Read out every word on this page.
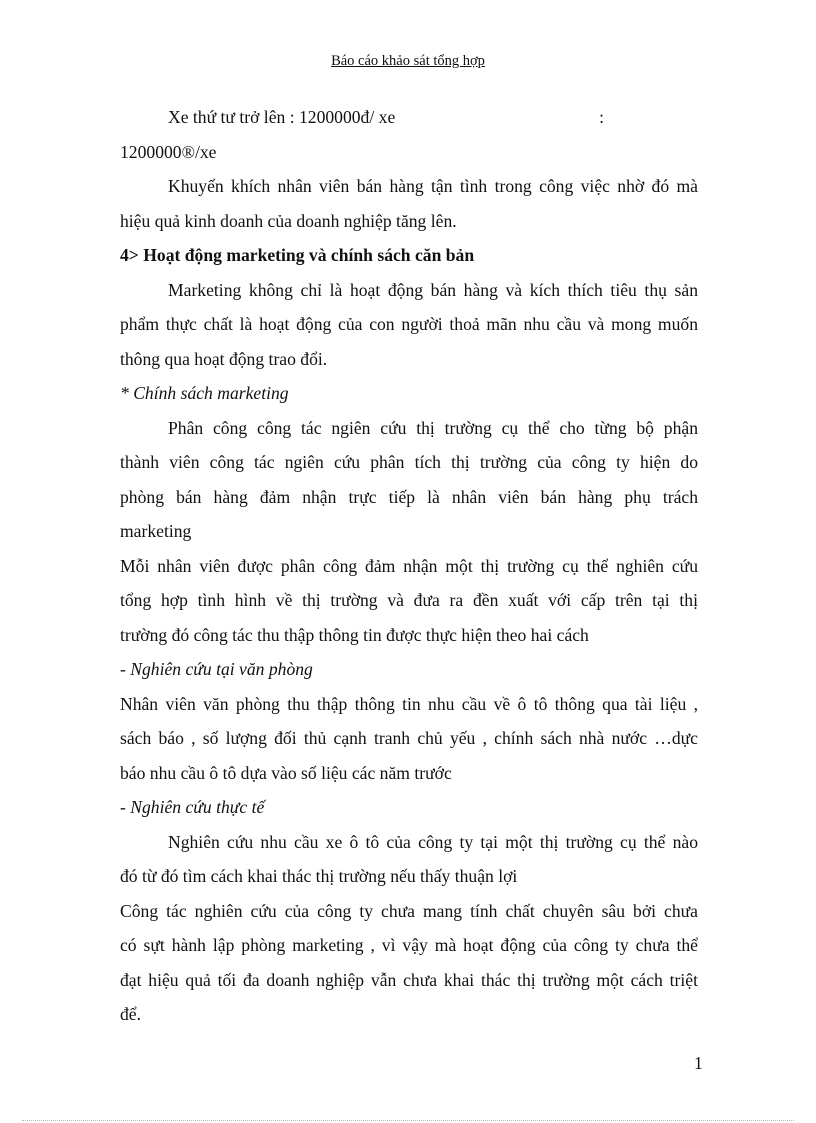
Báo cáo khảo sát tổng hợp
Xe thứ tư trở lên : 1200000đ/ xe	:

1200000®/xe

Khuyến khích nhân viên bán hàng tận tình trong công việc nhờ đó mà

hiệu quả kinh doanh của doanh nghiệp tăng lên.

4> Hoạt động marketing và chính sách căn bản

Marketing không chỉ là hoạt động bán hàng và kích thích tiêu thụ sản

phẩm thực chất là hoạt động của con người thoả mãn nhu cầu và mong muốn

thông qua hoạt động trao đổi.

* Chính sách marketing

Phân công công tác ngiên cứu thị trường cụ thể cho từng bộ phận

thành viên công tác ngiên cứu phân tích thị trường của công ty hiện do

phòng bán hàng đảm nhận trực tiếp là nhân viên bán hàng phụ trách

marketing

Mỗi nhân viên được phân công đảm nhận một thị trường cụ thể nghiên cứu

tổng hợp tình hình về thị trường và đưa ra đền xuất với cấp trên tại thị

trường đó công tác thu thập thông tin được thực hiện theo hai cách

- Nghiên cứu tại văn phòng

Nhân viên văn phòng thu thập thông tin nhu cầu về ô tô thông qua tài liệu ,

sách báo , số lượng đối thủ cạnh tranh chủ yếu , chính sách nhà nước …dực

báo nhu cầu ô tô dựa vào số liệu các năm trước

- Nghiên cứu thực tế

Nghiên cứu nhu cầu xe ô tô của công ty tại một thị trường cụ thể nào

đó từ đó tìm cách khai thác thị trường nếu thấy thuận lợi

Công tác nghiên cứu của công ty chưa mang tính chất chuyên sâu bởi chưa

có sựt hành lập phòng marketing , vì vậy mà hoạt động của công ty chưa thể

đạt hiệu quả tối đa doanh nghiệp vẫn chưa khai thác thị trường một cách triệt

để.

1
